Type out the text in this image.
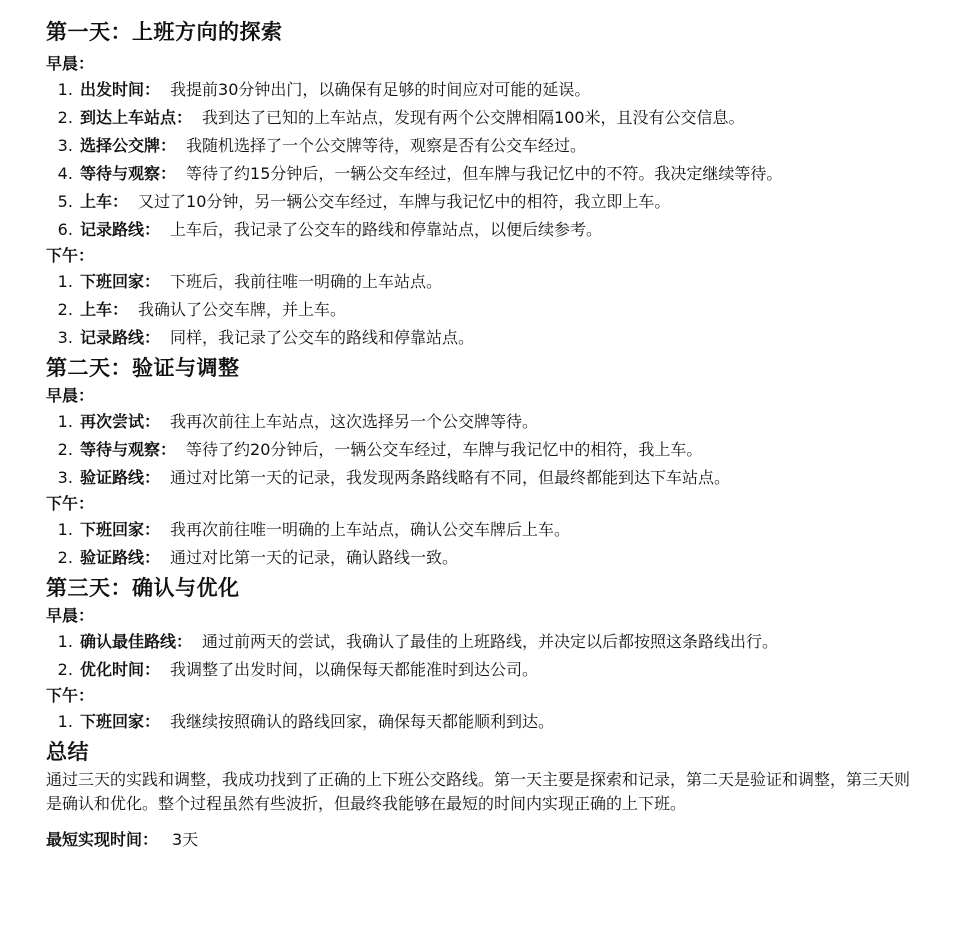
第一天：上班方向的探索
早晨：
1. 出发时间： 我提前30分钟出门，以确保有足够的时间应对可能的延误。
2. 到达上车站点： 我到达了已知的上车站点，发现有两个公交牌相隔100米，且没有公交信息。
3. 选择公交牌： 我随机选择了一个公交牌等待，观察是否有公交车经过。
4. 等待与观察： 等待了约15分钟后，一辆公交车经过，但车牌与我记忆中的不符。我决定继续等待。
5. 上车： 又过了10分钟，另一辆公交车经过，车牌与我记忆中的相符，我立即上车。
6. 记录路线： 上车后，我记录了公交车的路线和停靠站点，以便后续参考。
下午：
1. 下班回家： 下班后，我前往唯一明确的上车站点。
2. 上车： 我确认了公交车牌，并上车。
3. 记录路线： 同样，我记录了公交车的路线和停靠站点。
第二天：验证与调整
早晨：
1. 再次尝试： 我再次前往上车站点，这次选择另一个公交牌等待。
2. 等待与观察： 等待了约20分钟后，一辆公交车经过，车牌与我记忆中的相符，我上车。
3. 验证路线： 通过对比第一天的记录，我发现两条路线略有不同，但最终都能到达下车站点。
下午：
1. 下班回家： 我再次前往唯一明确的上车站点，确认公交车牌后上车。
2. 验证路线： 通过对比第一天的记录，确认路线一致。
第三天：确认与优化
早晨：
1. 确认最佳路线： 通过前两天的尝试，我确认了最佳的上班路线，并决定以后都按照这条路线出行。
2. 优化时间： 我调整了出发时间，以确保每天都能准时到达公司。
下午：
1. 下班回家： 我继续按照确认的路线回家，确保每天都能顺利到达。
总结

通过三天的实践和调整，我成功找到了正确的上下班公交路线。第一天主要是探索和记录，第二天是验证和调整，第三天则是确认和优化。整个过程虽然有些波折，但最终我能够在最短的时间内实现正确的上下班。

最短实现时间： 3天
